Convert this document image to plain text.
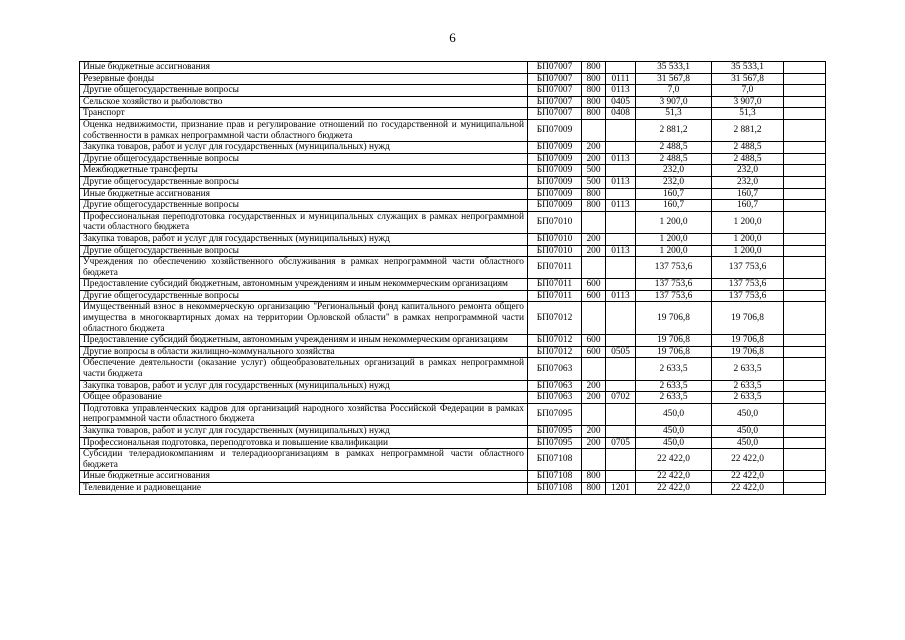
6
Иные бюджетные ассигнования	БП07007	800		35 533,1	35 533,1	
Резервные фонды	БП07007	800	0111	31 567,8	31 567,8	
Другие общегосударственные вопросы	БП07007	800	0113	7,0	7,0	
Сельское хозяйство и рыболовство	БП07007	800	0405	3 907,0	3 907,0	
Транспорт	БП07007	800	0408	51,3	51,3	
Оценка недвижимости, признание прав и регулирование отношений по государственной и муниципальной собственности в рамках непрограммной части областного бюджета	БП07009			2 881,2	2 881,2	
Закупка товаров, работ и услуг для государственных (муниципальных) нужд	БП07009	200		2 488,5	2 488,5	
Другие общегосударственные вопросы	БП07009	200	0113	2 488,5	2 488,5	
Межбюджетные трансферты	БП07009	500		232,0	232,0	
Другие общегосударственные вопросы	БП07009	500	0113	232,0	232,0	
Иные бюджетные ассигнования	БП07009	800		160,7	160,7	
Другие общегосударственные вопросы	БП07009	800	0113	160,7	160,7	
Профессиональная переподготовка государственных и муниципальных служащих в рамках непрограммной части областного бюджета	БП07010			1 200,0	1 200,0	
Закупка товаров, работ и услуг для государственных (муниципальных) нужд	БП07010	200		1 200,0	1 200,0	
Другие общегосударственные вопросы	БП07010	200	0113	1 200,0	1 200,0	
Учреждения по обеспечению хозяйственного обслуживания в рамках непрограммной части областного бюджета	БП07011			137 753,6	137 753,6	
Предоставление субсидий бюджетным, автономным учреждениям и иным некоммерческим организациям	БП07011	600		137 753,6	137 753,6	
Другие общегосударственные вопросы	БП07011	600	0113	137 753,6	137 753,6	
Имущественный взнос в некоммерческую организацию "Региональный фонд капитального ремонта общего имущества в многоквартирных домах на территории Орловской области" в рамках непрограммной части областного бюджета	БП07012			19 706,8	19 706,8	
Предоставление субсидий бюджетным, автономным учреждениям и иным некоммерческим организациям	БП07012	600		19 706,8	19 706,8	
Другие вопросы в области жилищно-коммунального хозяйства	БП07012	600	0505	19 706,8	19 706,8	
Обеспечение деятельности (оказание услуг) общеобразовательных организаций в рамках непрограммной части бюджета	БП07063			2 633,5	2 633,5	
Закупка товаров, работ и услуг для государственных (муниципальных) нужд	БП07063	200		2 633,5	2 633,5	
Общее образование	БП07063	200	0702	2 633,5	2 633,5	
Подготовка управленческих кадров для организаций народного хозяйства Российской Федерации в рамках непрограммной части областного бюджета	БП07095			450,0	450,0	
Закупка товаров, работ и услуг для государственных (муниципальных) нужд	БП07095	200		450,0	450,0	
Профессиональная подготовка, переподготовка и повышение квалификации	БП07095	200	0705	450,0	450,0	
Субсидии телерадиокомпаниям и телерадиоорганизациям в рамках непрограммной части областного бюджета	БП07108			22 422,0	22 422,0	
Иные бюджетные ассигнования	БП07108	800		22 422,0	22 422,0	
Телевидение и радиовещание	БП07108	800	1201	22 422,0	22 422,0	
